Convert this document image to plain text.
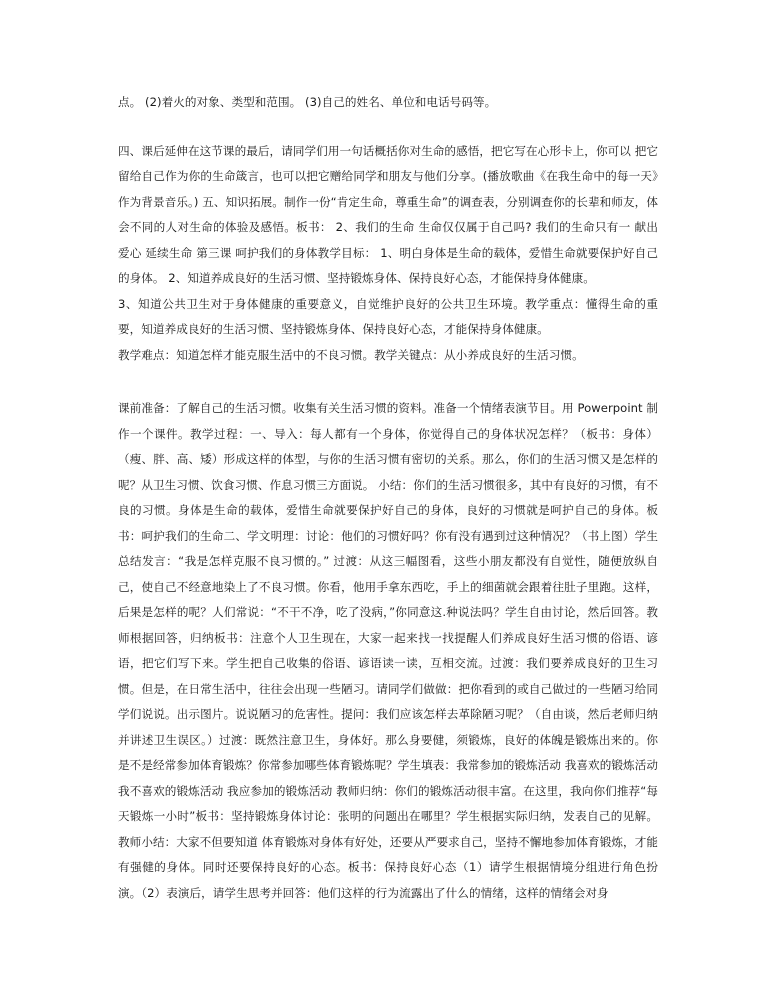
点。 (2)着火的对象、类型和范围。 (3)自己的姓名、单位和电话号码等。

四、课后延伸在这节课的最后，请同学们用一句话概括你对生命的感悟，把它写在心形卡上，你可以 把它留给自己作为你的生命箴言，也可以把它赠给同学和朋友与他们分享。(播放歌曲《在我生命中的每一天》作为背景音乐。) 五、知识拓展。制作一份“肯定生命，尊重生命”的调查表，分别调查你的长辈和师友，体会不同的人对生命的体验及感悟。板书： 2、我们的生命 生命仅仅属于自己吗? 我们的生命只有一 献出爱心 延续生命 第三课 呵护我们的身体教学目标： 1、明白身体是生命的载体，爱惜生命就要保护好自己的身体。 2、知道养成良好的生活习惯、坚持锻炼身体、保持良好心态，才能保持身体健康。

3、知道公共卫生对于身体健康的重要意义，自觉维护良好的公共卫生环境。教学重点：懂得生命的重要，知道养成良好的生活习惯、坚持锻炼身体、保持良好心态，才能保持身体健康。

教学难点：知道怎样才能克服生活中的不良习惯。教学关键点：从小养成良好的生活习惯。

课前准备：了解自己的生活习惯。收集有关生活习惯的资料。准备一个情绪表演节目。用 Powerpoint 制作一个课件。教学过程：一、导入：每人都有一个身体，你觉得自己的身体状况怎样？（板书：身体）（瘦、胖、高、矮）形成这样的体型，与你的生活习惯有密切的关系。那么，你们的生活习惯又是怎样的呢？从卫生习惯、饮食习惯、作息习惯三方面说。 小结：你们的生活习惯很多，其中有良好的习惯，有不良的习惯。身体是生命的载体，爱惜生命就要保护好自己的身体，良好的习惯就是呵护自己的身体。板书：呵护我们的生命二、学文明理：讨论：他们的习惯好吗？你有没有遇到过这种情况？（书上图）学生总结发言：“我是怎样克服不良习惯的。” 过渡：从这三幅图看，这些小朋友都没有自觉性，随便放纵自己，使自己不经意地染上了不良习惯。你看，他用手拿东西吃，手上的细菌就会跟着往肚子里跑。这样，后果是怎样的呢？人们常说：“不干不净，吃了没病，”你同意这.种说法吗？学生自由讨论，然后回答。教师根据回答，归纳板书：注意个人卫生现在，大家一起来找一找提醒人们养成良好生活习惯的俗语、谚语，把它们写下来。学生把自己收集的俗语、谚语读一读，互相交流。过渡：我们要养成良好的卫生习惯。但是，在日常生活中，往往会出现一些陋习。请同学们做做：把你看到的或自己做过的一些陋习给同学们说说。出示图片。说说陋习的危害性。提问：我们应该怎样去革除陋习呢？（自由谈，然后老师归纳并讲述卫生误区。）过渡：既然注意卫生，身体好。那么身要健，须锻炼，良好的体魄是锻炼出来的。你是不是经常参加体育锻炼？你常参加哪些体育锻炼呢？学生填表：我常参加的锻炼活动 我喜欢的锻炼活动 我不喜欢的锻炼活动 我应参加的锻炼活动 教师归纳：你们的锻炼活动很丰富。在这里，我向你们推荐“每天锻炼一小时”板书：坚持锻炼身体讨论：张明的问题出在哪里？学生根据实际归纳，发表自己的见解。教师小结：大家不但要知道 体育锻炼对身体有好处，还要从严要求自己，坚持不懈地参加体育锻炼，才能有强健的身体。同时还要保持良好的心态。板书：保持良好心态（1）请学生根据情境分组进行角色扮演。（2）表演后，请学生思考并回答：他们这样的行为流露出了什么的情绪，这样的情绪会对身
